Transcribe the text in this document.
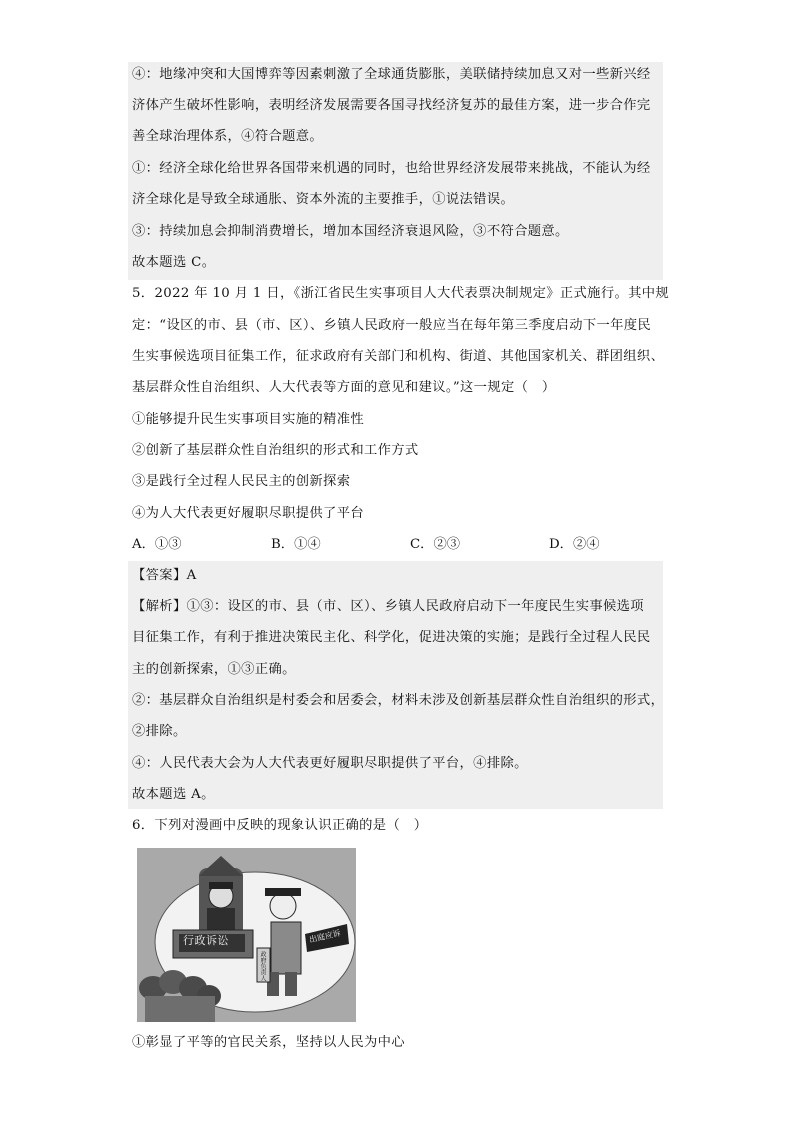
④：地缘冲突和大国博弈等因素刺激了全球通货膨胀，美联储持续加息又对一些新兴经
济体产生破坏性影响，表明经济发展需要各国寻找经济复苏的最佳方案，进一步合作完
善全球治理体系，④符合题意。
①：经济全球化给世界各国带来机遇的同时，也给世界经济发展带来挑战，不能认为经
济全球化是导致全球通胀、资本外流的主要推手，①说法错误。
③：持续加息会抑制消费增长，增加本国经济衰退风险，③不符合题意。
故本题选 C。
5．2022 年 10 月 1 日，《浙江省民生实事项目人大代表票决制规定》正式施行。其中规
定：“设区的市、县（市、区）、乡镇人民政府一般应当在每年第三季度启动下一年度民
生实事候选项目征集工作，征求政府有关部门和机构、街道、其他国家机关、群团组织、
基层群众性自治组织、人大代表等方面的意见和建议。”这一规定（　）
①能够提升民生实事项目实施的精准性
②创新了基层群众性自治组织的形式和工作方式
③是践行全过程人民民主的创新探索
④为人大代表更好履职尽职提供了平台
A．①③	B．①④	C．②③	D．②④
【答案】A
【解析】①③：设区的市、县（市、区）、乡镇人民政府启动下一年度民生实事候选项
目征集工作，有利于推进决策民主化、科学化，促进决策的实施；是践行全过程人民民
主的创新探索，①③正确。
②：基层群众自治组织是村委会和居委会，材料未涉及创新基层群众性自治组织的形式，
②排除。
④：人民代表大会为人大代表更好履职尽职提供了平台，④排除。
故本题选 A。
6．下列对漫画中反映的现象认识正确的是（　）
行政诉讼	出庭应诉
政府负责人
①彰显了平等的官民关系，坚持以人民为中心
